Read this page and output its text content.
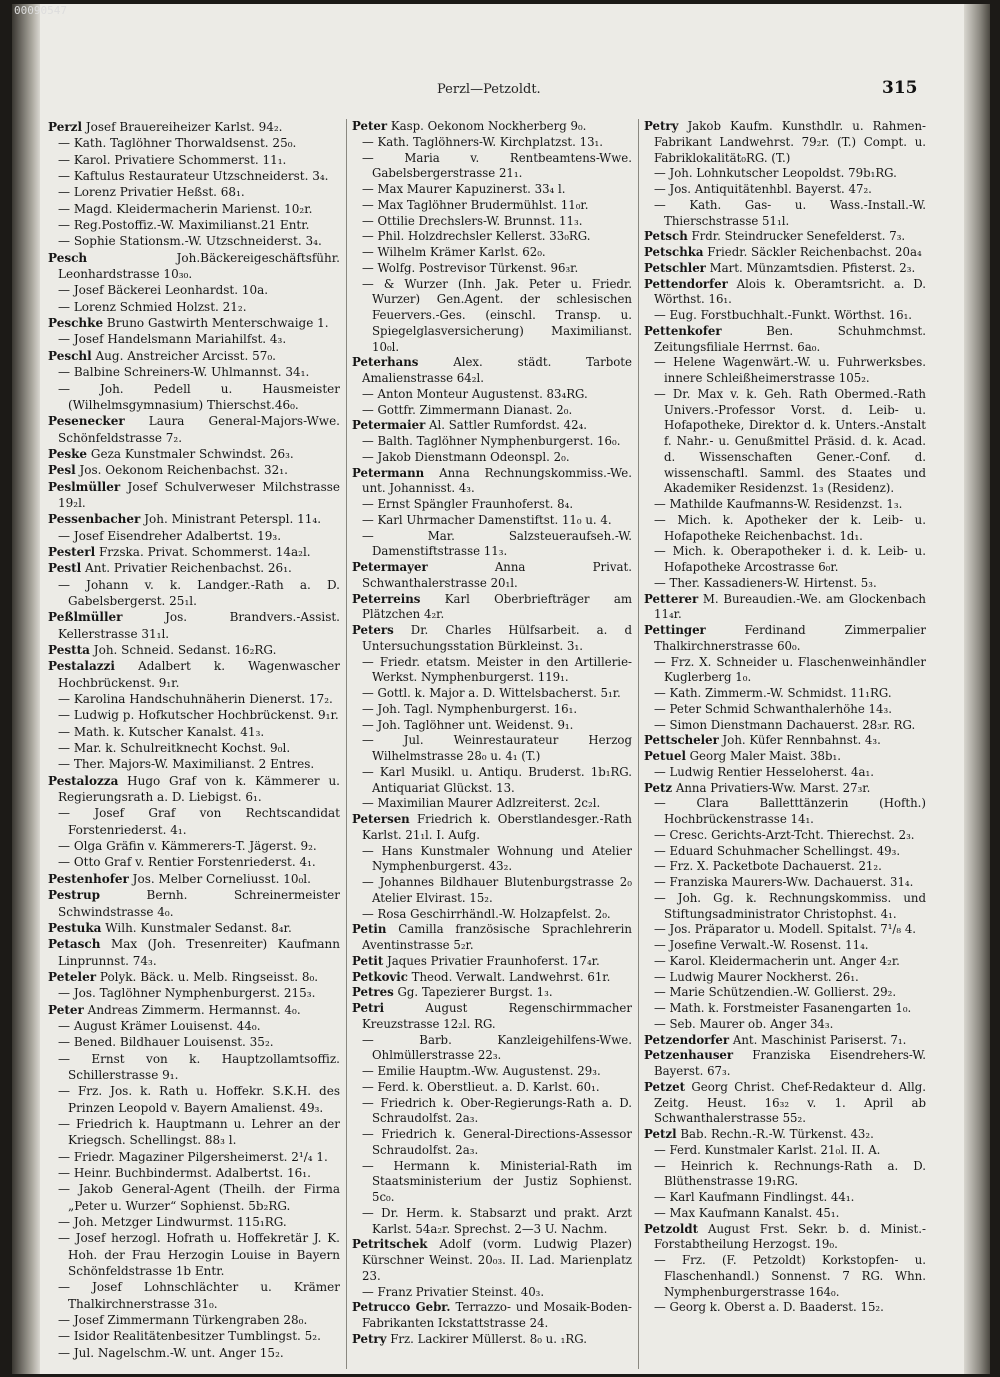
00090547
Perzl—Petzoldt.	315

Perzl Josef Brauereiheizer Karlst. 94₂.

— Kath. Taglöhner Thorwaldsenst. 25₀.

— Karol. Privatiere Schommerst. 11₁.

— Kaftulus Restaurateur Utzschneiderst. 3₄.

— Lorenz Privatier Heßst. 68₁.

— Magd. Kleidermacherin Marienst. 10₂r.

— Reg.Postoffiz.-W. Maximilianst.21 Entr.

— Sophie Stationsm.-W. Utzschneiderst. 3₄.

Pesch	Joh.Bäckereigeschäftsführ. Leonhardstrasse 10₃₀.

— Josef Bäckerei Leonhardst. 10a.

— Lorenz Schmied Holzst. 21₂.

Peschke Bruno Gastwirth Menterschwaige 1.

— Josef Handelsmann Mariahilfst. 4₃.

Peschl Aug. Anstreicher Arcisst. 57₀.

— Balbine Schreiners-W. Uhlmannst. 34₁.

— Joh. Pedell u. Hausmeister (Wilhelmsgymnasium) Thierschst.46₀.

Pesenecker Laura General-Majors-Wwe. Schönfeldstrasse 7₂.

Peske Geza Kunstmaler Schwindst. 26₃.

Pesl Jos. Oekonom Reichenbachst. 32₁.

Peslmüller Josef Schulverweser Milchstrasse 19₂l.

Pessenbacher Joh. Ministrant Peterspl. 11₄.

— Josef Eisendreher Adalbertst. 19₃.

Pesterl Frzska. Privat. Schommerst. 14a₂l.

Pestl Ant. Privatier Reichenbachst. 26₁.

— Johann v. k. Landger.-Rath a. D. Gabelsbergerst. 25₁l.

Peßlmüller	Jos. Brandvers.-Assist. Kellerstrasse 31₁l.

Pestta Joh. Schneid. Sedanst. 16₂RG.

Pestalazzi Adalbert k. Wagenwascher Hochbrückenst. 9₁r.

— Karolina Handschuhnäherin Dienerst. 17₂.

— Ludwig p. Hofkutscher Hochbrückenst. 9₁r.

— Math. k. Kutscher Kanalst. 41₃.

— Mar. k. Schulreitknecht Kochst. 9₀l.

— Ther. Majors-W. Maximilianst. 2 Entres.

Pestalozza Hugo Graf von k. Kämmerer u. Regierungsrath a. D. Liebigst. 6₁.

— Josef Graf von Rechtscandidat Forstenriederst. 4₁.

— Olga Gräfin v. Kämmerers-T. Jägerst. 9₂.

— Otto Graf v. Rentier Forstenriederst. 4₁.

Pestenhofer Jos. Melber Corneliusst. 10₀l.

Pestrup	Bernh. Schreinermeister Schwindstrasse 4₀.

Pestuka Wilh. Kunstmaler Sedanst. 8₄r.

Petasch Max (Joh. Tresenreiter) Kaufmann Linprunnst. 74₃.

Peteler Polyk. Bäck. u. Melb. Ringseisst. 8₀.

— Jos. Taglöhner Nymphenburgerst. 215₃.

Peter Andreas Zimmerm. Hermannst. 4₀.

— August Krämer Louisenst. 44₀.

— Bened. Bildhauer Louisenst. 35₂.

— Ernst von k. Hauptzollamtsoffiz. Schillerstrasse 9₁.

— Frz. Jos. k. Rath u. Hoffekr. S.K.H. des Prinzen Leopold v. Bayern Amalienst. 49₃.

— Friedrich k. Hauptmann u. Lehrer an der Kriegsch. Schellingst. 88₃ l.

— Friedr. Magaziner Pilgersheimerst. 2¹/₄ 1.

— Heinr. Buchbindermst. Adalbertst. 16₁.

— Jakob General-Agent (Theilh. der Firma „Peter u. Wurzer“ Sophienst. 5b₂RG.

— Joh. Metzger Lindwurmst. 115₁RG.

— Josef herzogl. Hofrath u. Hoffekretär J. K. Hoh. der Frau Herzogin Louise in Bayern Schönfeldstrasse 1b Entr.

— Josef Lohnschlächter u. Krämer Thalkirchnerstrasse 31₀.

— Josef Zimmermann Türkengraben 28₀.

— Isidor Realitätenbesitzer Tumblingst. 5₂.

— Jul. Nagelschm.-W. unt. Anger 15₂.

Peter Kasp. Oekonom Nockherberg 9₀.

— Kath. Taglöhners-W. Kirchplatzst. 13₁.

— Maria v. Rentbeamtens-Wwe. Gabelsbergerstrasse 21₁.

— Max Maurer Kapuzinerst. 33₄ l.

— Max Taglöhner Brudermühlst. 11₀r.

— Ottilie Drechslers-W. Brunnst. 11₃.

— Phil. Holzdrechsler Kellerst. 33₀RG.

— Wilhelm Krämer Karlst. 62₀.

— Wolfg. Postrevisor Türkenst. 96₃r.

— & Wurzer (Inh. Jak. Peter u. Friedr. Wurzer) Gen.Agent. der schlesischen Feuervers.-Ges. (einschl. Transp. u. Spiegelglasversicherung) Maximilianst. 10₀l.

Peterhans	Alex. städt. Tarbote Amalienstrasse 64₂l.

— Anton Monteur Augustenst. 83₄RG.

— Gottfr. Zimmermann Dianast. 2₀.

Petermaier Al. Sattler Rumfordst. 42₄.

— Balth. Taglöhner Nymphenburgerst. 16₀.

— Jakob Dienstmann Odeonspl. 2₀.

Petermann Anna Rechnungskommiss.-We. unt. Johannisst. 4₃.

— Ernst Spängler Fraunhoferst. 8₄.

— Karl Uhrmacher Damenstiftst. 11₀ u. 4.

— Mar. Salzsteueraufseh.-W. Damenstiftstrasse 11₃.

Petermayer	Anna Privat. Schwanthalerstrasse 20₁l.

Peterreins Karl Oberbriefträger am Plätzchen 4₂r.

Peters Dr. Charles Hülfsarbeit. a. d Untersuchungsstation Bürkleinst. 3₁.

— Friedr. etatsm. Meister in den Artillerie-Werkst. Nymphenburgerst. 119₁.

— Gottl. k. Major a. D. Wittelsbacherst. 5₁r.

— Joh. Tagl. Nymphenburgerst. 16₁.

— Joh. Taglöhner unt. Weidenst. 9₁.

— Jul. Weinrestaurateur Herzog Wilhelmstrasse 28₀ u. 4₁ (T.)

— Karl Musikl. u. Antiqu. Bruderst. 1b₁RG. Antiquariat Glückst. 13.

— Maximilian Maurer Adlzreiterst. 2c₂l.

Petersen Friedrich k. Oberstlandesger.-Rath Karlst. 21₁l. I. Aufg.

— Hans Kunstmaler Wohnung und Atelier Nymphenburgerst. 43₂.

— Johannes Bildhauer Blutenburgstrasse 2₀ Atelier Elvirast. 15₂.

— Rosa Geschirrhändl.-W. Holzapfelst. 2₀.

Petin Camilla französische Sprachlehrerin Aventinstrasse 5₂r.

Petit Jaques Privatier Fraunhoferst. 17₄r.

Petkovic Theod. Verwalt. Landwehrst. 61r.

Petres Gg. Tapezierer Burgst. 1₃.

Petri	August Regenschirmmacher Kreuzstrasse 12₂l. RG.

— Barb. Kanzleigehilfens-Wwe. Ohlmüllerstrasse 22₃.

— Emilie Hauptm.-Ww. Augustenst. 29₃.

— Ferd. k. Oberstlieut. a. D. Karlst. 60₁.

— Friedrich k. Ober-Regierungs-Rath a. D. Schraudolfst. 2a₃.

— Friedrich k. General-Directions-Assessor Schraudolfst. 2a₃.

— Hermann k. Ministerial-Rath im Staatsministerium der Justiz Sophienst. 5c₀.

— Dr. Herm. k. Stabsarzt und prakt. Arzt Karlst. 54a₂r. Sprechst. 2—3 U. Nachm.

Petritschek Adolf (vorm. Ludwig Plazer) Kürschner Weinst. 20₀₃. II. Lad. Marienplatz 23.

— Franz Privatier Steinst. 40₃.

Petrucco Gebr. Terrazzo- und Mosaik-Boden-Fabrikanten Ickstattstrasse 24.

Petry Frz. Lackirer Müllerst. 8₀ u. ₁RG.

Petry Jakob Kaufm. Kunsthdlr. u. Rahmen-Fabrikant Landwehrst. 79₂r. (T.) Compt. u. Fabriklokalität₀RG. (T.)

— Joh. Lohnkutscher Leopoldst. 79b₁RG.

— Jos. Antiquitätenhbl. Bayerst. 47₂.

— Kath. Gas- u. Wass.-Install.-W. Thierschstrasse 51₁l.

Petsch Frdr. Steindrucker Senefelderst. 7₃.

Petschka Friedr. Säckler Reichenbachst. 20a₄

Petschler Mart. Münzamtsdien. Pfisterst. 2₃.

Pettendorfer Alois k. Oberamtsricht. a. D. Wörthst. 16₁.

— Eug. Forstbuchhalt.-Funkt. Wörthst. 16₁.

Pettenkofer	Ben. Schuhmchmst. Zeitungsfiliale Herrnst. 6a₀.

— Helene Wagenwärt.-W. u. Fuhrwerksbes. innere Schleißheimerstrasse 105₂.

— Dr. Max v. k. Geh. Rath Obermed.-Rath Univers.-Professor Vorst. d. Leib- u. Hofapotheke, Direktor d. k. Unters.-Anstalt f. Nahr.- u. Genußmittel Präsid. d. k. Acad. d. Wissenschaften Gener.-Conf. d. wissenschaftl. Samml. des Staates und Akademiker Residenzst. 1₃ (Residenz).

— Mathilde Kaufmanns-W. Residenzst. 1₃.

— Mich. k. Apotheker der k. Leib- u. Hofapotheke Reichenbachst. 1d₁.

— Mich. k. Oberapotheker i. d. k. Leib- u. Hofapotheke Arcostrasse 6₀r.

— Ther. Kassadieners-W. Hirtenst. 5₃.

Petterer M. Bureaudien.-We. am Glockenbach 11₄r.

Pettinger	Ferdinand Zimmerpalier Thalkirchnerstrasse 60₀.

— Frz. X. Schneider u. Flaschenweinhändler Kuglerberg 1₀.

— Kath. Zimmerm.-W. Schmidst. 11₁RG.

— Peter Schmid Schwanthalerhöhe 14₃.

— Simon Dienstmann Dachauerst. 28₃r. RG.

Pettscheler Joh. Küfer Rennbahnst. 4₃.

Petuel Georg Maler Maist. 38b₁.

— Ludwig Rentier Hesseloherst. 4a₁.

Petz Anna Privatiers-Ww. Marst. 27₃r.

— Clara Balletttänzerin (Hofth.) Hochbrückenstrasse 14₁.

— Cresc. Gerichts-Arzt-Tcht. Thierechst. 2₃.

— Eduard Schuhmacher Schellingst. 49₃.

— Frz. X. Packetbote Dachauerst. 21₂.

— Franziska Maurers-Ww. Dachauerst. 31₄.

— Joh. Gg. k. Rechnungskommiss. und Stiftungsadministrator Christophst. 4₁.

— Jos. Präparator u. Modell. Spitalst. 7¹/₈ 4.

— Josefine Verwalt.-W. Rosenst. 11₄.

— Karol. Kleidermacherin unt. Anger 4₂r.

— Ludwig Maurer Nockherst. 26₁.

— Marie Schützendien.-W. Gollierst. 29₂.

— Math. k. Forstmeister Fasanengarten 1₀.

— Seb. Maurer ob. Anger 34₃.

Petzendorfer Ant. Maschinist Pariserst. 7₁.

Petzenhauser Franziska Eisendrehers-W. Bayerst. 67₃.

Petzet Georg Christ. Chef-Redakteur d. Allg. Zeitg. Heust. 16₃₂ v. 1. April ab Schwanthalerstrasse 55₂.

Petzl Bab. Rechn.-R.-W. Türkenst. 43₂.

— Ferd. Kunstmaler Karlst. 21₀l. II. A.

— Heinrich k. Rechnungs-Rath a. D. Blüthenstrasse 19₁RG.

— Karl Kaufmann Findlingst. 44₁.

— Max Kaufmann Kanalst. 45₁.

Petzoldt August Frst. Sekr. b. d. Minist.-Forstabtheilung Herzogst. 19₀.

— Frz. (F. Petzoldt) Korkstopfen- u. Flaschenhandl.) Sonnenst. 7 RG. Whn. Nymphenburgerstrasse 164₀.

— Georg k. Oberst a. D. Baaderst. 15₂.
